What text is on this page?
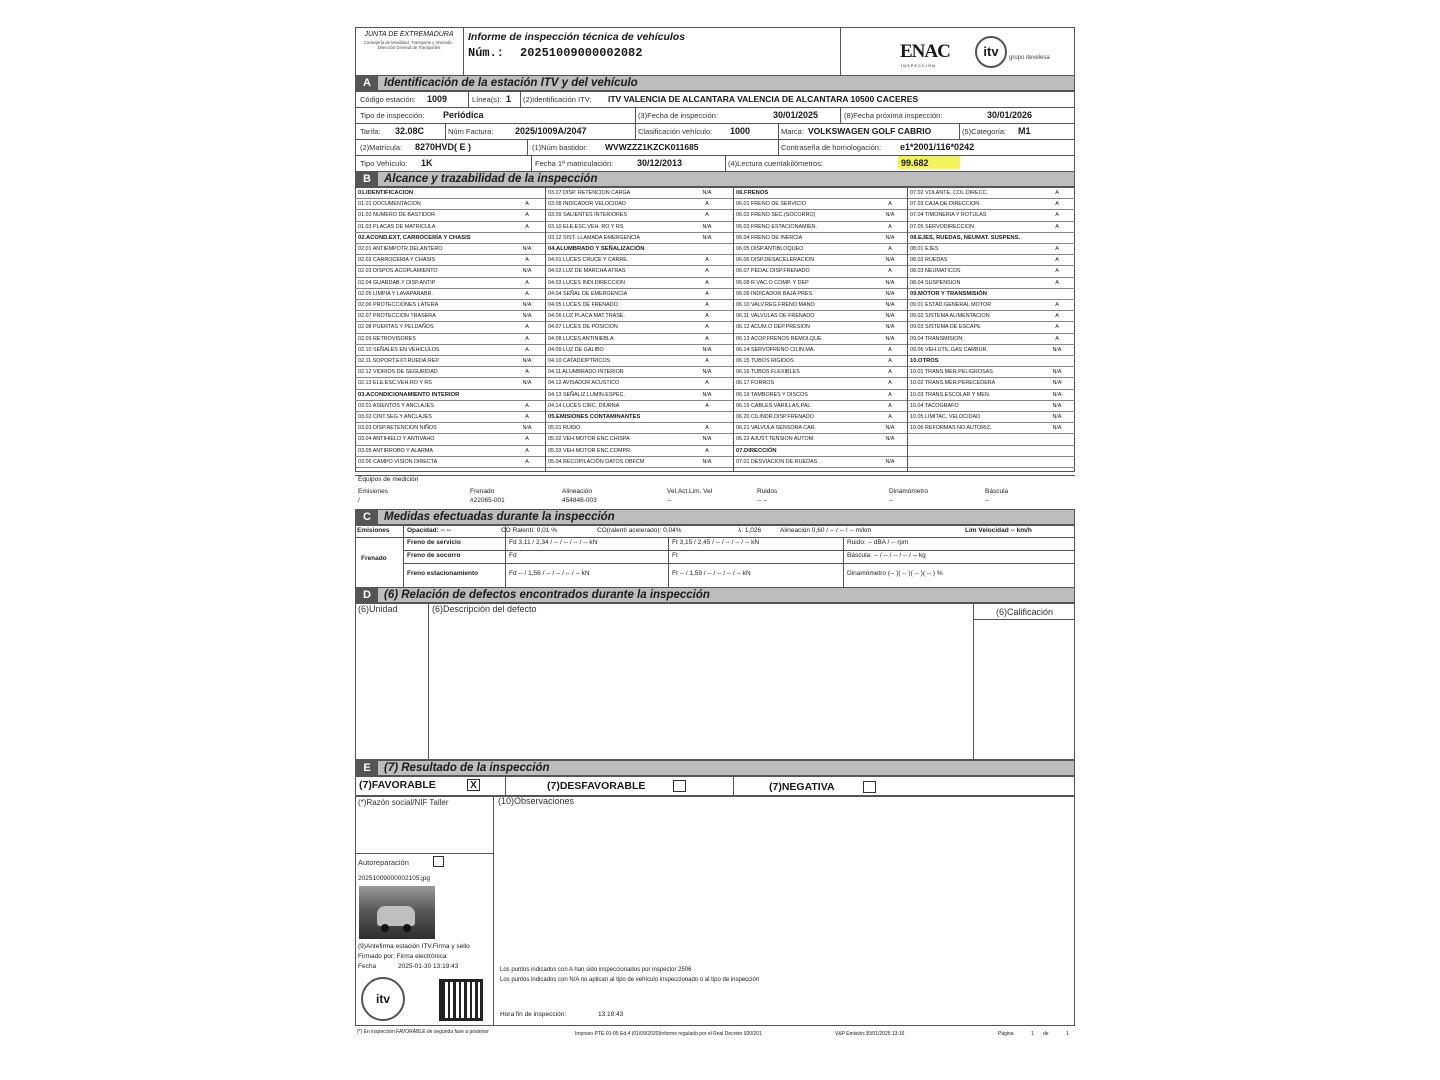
JUNTA DE EXTREMADURA
Consejería de Movilidad, Transporte y Vivienda · Dirección General de Transportes
Informe de inspección técnica de vehículos
Núm.: 20251009000002082	ENAC
INSPECCIÓN
itv	grupo itevelesa
A	Identificación de la estación ITV y del vehículo
Código estación: 1009	Línea(s): 1 (2)Identificación ITV: ITV VALENCIA DE ALCANTARA VALENCIA DE ALCANTARA 10500 CACERES
Tipo de inspección: Periódica	(3)Fecha de inspección:	30/01/2025	(8)Fecha próxima inspección:	30/01/2026
Tarifa: 32.08C	Núm Factura: 2025/1009A/2047	Clasificación vehículo: 1000	Marca: VOLKSWAGEN GOLF CABRIO	(5)Categoría: M1
(2)Matrícula: 8270HVD( E )	(1)Núm bastidor: WVWZZZ1KZCK011685	Contraseña de homologación: e1*2001/116*0242
Tipo Vehículo: 1K	Fecha 1ª matriculación:	30/12/2013	(4)Lectura cuentakilómetros:	99.682
B	Alcance y trazabilidad de la inspección
01.IDENTIFICACION
01.01 DOCUMENTACION	A
01.02 NUMERO DE BASTIDOR	A
01.03 PLACAS DE MATRICULA	A
02.ACOND.EXT, CARROCERÍA Y CHASIS
02.01 ANTIEMPOTR.DELANTERO	N/A
02.02 CARROCERIA Y CHASIS	A
02.03 DISPOS.ACOPLAMIENTO	N/A
02.04 GUARDAB.Y DISP.ANTIP	A
02.05 LIMPIA Y LAVAPARABR.	A
02.06 PROTECCIONES LATERA	N/A
02.07 PROTECCION TRASERA	N/A
02.08 PUERTAS Y PELDAÑOS	A
02.09 RETROVISORES	A
02.10 SEÑALES EN VEHICULOS	A
02.11 SOPORT.EXT.RUEDA.REP.	N/A
02.12 VIDRIOS DE SEGURIDAD	A
02.13 ELE.ESC.VEH.RO Y RS	N/A
03.ACONDICIONAMIENTO INTERIOR
03.01 ASIENTOS Y ANCLAJES	A
03.02 CINT.SEG.Y ANCLAJES	A
03.03 DISP.RETENCION NIÑOS	N/A
03.04 ANTIHIELO Y ANTIVAHO	A
03.05 ANTIRROBO Y ALARMA	A
03.06 CAMPO VISION DIRECTA	A
03.07 DISP. RETENCION CARGA	N/A
03.08 INDICADOR VELOCIDAD	A
03.09 SALIENTES INTERIORES	A
03.10 ELE.ESC.VEH. RO Y RS	N/A
03.12 SIST. LLAMADA EMERGENCIA	N/A
04.ALUMBRADO Y SEÑALIZACIÓN
04.01 LUCES CRUCE Y CARRE.	A
04.02 LUZ DE MARCHA ATRAS	A
04.03 LUCES INDI.DIRECCION	A
04.04 SEÑAL DE EMERGENCIA	A
04.05 LUCES DE FRENADO	A
04.06 LUZ PLACA MAT.TRASE.	A
04.07 LUCES DE POSICION	A
04.08 LUCES ANTINIEBLA	A
04.09 LUZ DE GALIBO	N/A
04.10 CATADIOPTRICOS	A
04.11 ALUMBRADO INTERIOR	N/A
04.12 AVISADOR ACUSTICO	A
04.13 SEÑALIZ.LUMIN.ESPEC.	N/A
04.14 LUCES CIRC. DIURNA	A
05.EMISIONES CONTAMINANTES
05.01 RUIDO	A
05.02 VEH.MOTOR ENC.CHISPA	N/A
05.03 VEH.MOTOR ENC.COMPR.	A
05.04 RECOPILACIÓN DATOS OBFCM	N/A
06.FRENOS
06.01 FRENO DE SERVICIO	A
06.02 FRENO SEC.(SOCORRO)	N/A
06.03 FRENO ESTACIONAMIEN.	A
06.04 FRENO DE INERCIA	N/A
06.05 DISP.ANTIBLOQUEO	A
06.06 DISP.DESACELERACION	N/A
06.07 PEDAL DISP.FRENADO	A
06.08 R.VAC.O COMP. Y DEP	N/A
06.09 INDICADOR BAJA PRES.	N/A
06.10 VALV.REG.FRENO MANO	N/A
06.11 VALVULAS DE FRENADO	N/A
06.12 ACUM.O DEP.PRESION	N/A
06.13 ACOP.FRENOS REMOLQUE	N/A
06.14 SERVOFRENO CILIN.MA.	A
06.15 TUBOS RIGIDOS	A
06.16 TUBOS FLEXIBLES	A
06.17 FORROS	A
06.19 TAMBORES Y DISCOS	A
06.19 CABLES,VARILLAS,PAL.	A
06.20 CILINDR.DISP.FRENADO	A
06.21 VALVULA SENSORA CAR.	N/A
06.22 AJUST.TENSION AUTOM.	N/A
07.DIRECCIÓN
07.01 DESVIACION DE RUEDAS	N/A
07.02 VOLANTE, COL.DIRECC.	A
07.03 CAJA DE DIRECCION	A
07.04 TIMONERIA Y ROTULAS	A
07.05 SERVODIRECCION	A
08.EJES, RUEDAS, NEUMAT. SUSPENS.
08.01 EJES	A
08.02 RUEDAS	A
08.03 NEUMATICOS	A
08.04 SUSPENSION	A
09.MOTOR Y TRANSMISIÓN
09.01 ESTAD.GENERAL MOTOR	A
09.02 SISTEMA ALIMENTACION	A
09.03 SISTEMA DE ESCAPE	A
09.04 TRANSMISION	A
09.06 VEH.UTIL.GAS CARBUR.	N/A
10.OTROS
10.01 TRANS.MER.PELIGROSAS	N/A
10.02 TRANS.MER.PERECEDERA	N/A
10.03 TRANS.ESCOLAR Y MEN.	N/A
10.04 TACOGRAFO	N/A
10.05 LIMITAC. VELOCIDAD	N/A
10.06 REFORMAS NO AUTORIZ.	N/A
Equipos de medición
Emisiones
/
Frenado
#22065-001
Alineación
454848-003
Vel.Act.Lim. Vel
--
Ruidos
-- --
Dinamómetro
--
Báscula
--
C	Medidas efectuadas durante la inspección
Emisiones	Opacidad: -- --	CO Ralentí: 0,01 %	CO(ralentí acelerado): 0,04%	λ: 1,026	Alineación 0,60 / -- / -- / -- m/km	Lim Velocidad -- km/h
Frenado
Freno de servicio	Fd 3,11 / 2,34 / -- / -- / -- / -- kN	Ft 3,15 / 2,45 / -- / -- / -- / -- kN	Ruido: -- dBA / -- rpm
Freno de socorro	Fd	Ft	Báscula: -- / -- / -- / -- / -- kg
Freno estacionamiento	Fd -- / 1,56 / -- / -- / -- / -- kN	Ft -- / 1,59 / -- / -- / -- / -- kN	Dinamómetro (-- )( -- )( -- )( -- ) %
D	(6) Relación de defectos encontrados durante la inspección
(6)Unidad	(6)Descripción del defecto	(6)Calificación
E	(7) Resultado de la inspección
(7)FAVORABLE	X	(7)DESFAVORABLE	(7)NEGATIVA
(*)Razón social/NIF Taller	(10)Observaciones
Autoreparación
20251009000002105.jpg
(9)Antefirma estación ITV.Firma y sello
Firmado por: Firma electrónica
Fecha	2025-01-30 13:19:43
itv
Los puntos indicados con A han sido inspeccionados por inspector 2506
Los puntos indicados con N/A no aplican al tipo de vehículo inspeccionado o al tipo de inspección
Hora fin de inspección:	13:19:43
(*) En inspección FAVORABLE de segunda fase a posterior	Impreso PTE-01-05 Ed.4 (01/09/2020)Informe regulado por el Real Decreto 920/201	V&P Emisión:30/01/2025 13:16	Página	1 de	1
